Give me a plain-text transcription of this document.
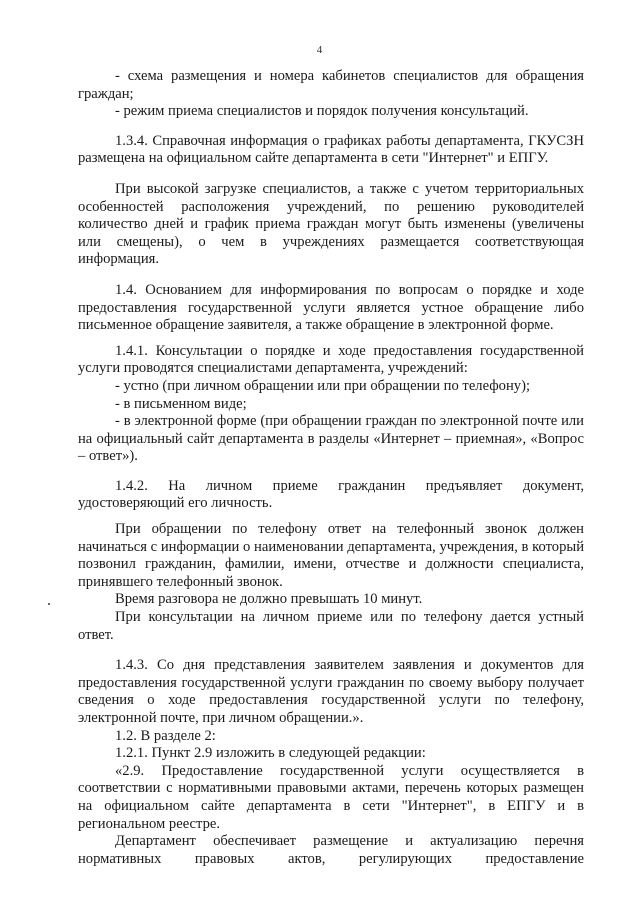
4

- схема размещения и номера кабинетов специалистов для обращения граждан;

- режим приема специалистов и порядок получения консультаций.

1.3.4. Справочная информация о графиках работы департамента, ГКУСЗН размещена на официальном сайте департамента в сети "Интернет" и ЕПГУ.

При высокой загрузке специалистов, а также с учетом территориальных особенностей расположения учреждений, по решению руководителей количество дней и график приема граждан могут быть изменены (увеличены или смещены), о чем в учреждениях размещается соответствующая информация.

1.4. Основанием для информирования по вопросам о порядке и ходе предоставления государственной услуги является устное обращение либо письменное обращение заявителя, а также обращение в электронной форме.

1.4.1. Консультации о порядке и ходе предоставления государственной услуги проводятся специалистами департамента, учреждений:

- устно (при личном обращении или при обращении по телефону);

- в письменном виде;

- в электронной форме (при обращении граждан по электронной почте или на официальный сайт департамента в разделы «Интернет – приемная», «Вопрос – ответ»).

1.4.2. На личном приеме гражданин предъявляет документ, удостоверяющий его личность.

При обращении по телефону ответ на телефонный звонок должен начинаться с информации о наименовании департамента, учреждения, в который позвонил гражданин, фамилии, имени, отчестве и должности специалиста, принявшего телефонный звонок.

Время разговора не должно превышать 10 минут.

При консультации на личном приеме или по телефону дается устный ответ.

1.4.3. Со дня представления заявителем заявления и документов для предоставления государственной услуги гражданин по своему выбору получает сведения о ходе предоставления государственной услуги по телефону, электронной почте, при личном обращении.».

1.2. В разделе 2:

1.2.1. Пункт 2.9 изложить в следующей редакции:

«2.9. Предоставление государственной услуги осуществляется в соответствии с нормативными правовыми актами, перечень которых размещен на официальном сайте департамента в сети "Интернет", в ЕПГУ и в региональном реестре.

Департамент обеспечивает размещение и актуализацию перечня нормативных правовых актов, регулирующих предоставление
